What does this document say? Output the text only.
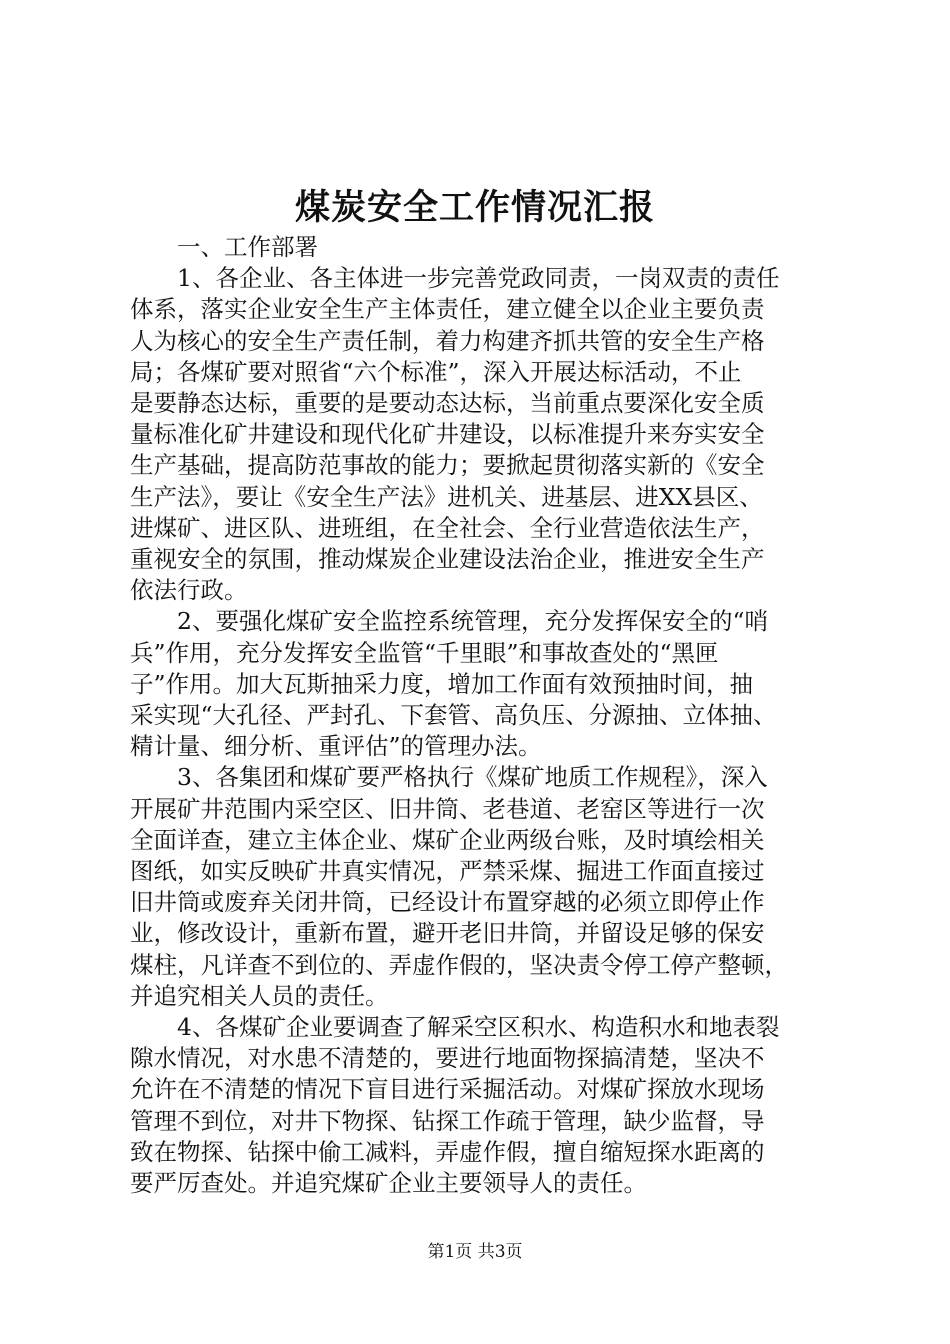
煤炭安全工作情况汇报
一、工作部署
1、各企业、各主体进一步完善党政同责，一岗双责的责任
体系，落实企业安全生产主体责任，建立健全以企业主要负责
人为核心的安全生产责任制，着力构建齐抓共管的安全生产格
局；各煤矿要对照省“六个标准”，深入开展达标活动，不止
是要静态达标，重要的是要动态达标，当前重点要深化安全质
量标准化矿井建设和现代化矿井建设，以标准提升来夯实安全
生产基础，提高防范事故的能力；要掀起贯彻落实新的《安全
生产法》，要让《安全生产法》进机关、进基层、进XX县区、
进煤矿、进区队、进班组，在全社会、全行业营造依法生产，
重视安全的氛围，推动煤炭企业建设法治企业，推进安全生产
依法行政。
2、要强化煤矿安全监控系统管理，充分发挥保安全的“哨
兵”作用，充分发挥安全监管“千里眼”和事故查处的“黑匣
子”作用。加大瓦斯抽采力度，增加工作面有效预抽时间，抽
采实现“大孔径、严封孔、下套管、高负压、分源抽、立体抽、
精计量、细分析、重评估”的管理办法。
3、各集团和煤矿要严格执行《煤矿地质工作规程》，深入
开展矿井范围内采空区、旧井筒、老巷道、老窑区等进行一次
全面详查，建立主体企业、煤矿企业两级台账，及时填绘相关
图纸，如实反映矿井真实情况，严禁采煤、掘进工作面直接过
旧井筒或废弃关闭井筒，已经设计布置穿越的必须立即停止作
业，修改设计，重新布置，避开老旧井筒，并留设足够的保安
煤柱，凡详查不到位的、弄虚作假的，坚决责令停工停产整顿，
并追究相关人员的责任。
4、各煤矿企业要调查了解采空区积水、构造积水和地表裂
隙水情况，对水患不清楚的，要进行地面物探搞清楚，坚决不
允许在不清楚的情况下盲目进行采掘活动。对煤矿探放水现场
管理不到位，对井下物探、钻探工作疏于管理，缺少监督，导
致在物探、钻探中偷工减料，弄虚作假，擅自缩短探水距离的
要严厉查处。并追究煤矿企业主要领导人的责任。
第1页 共3页
